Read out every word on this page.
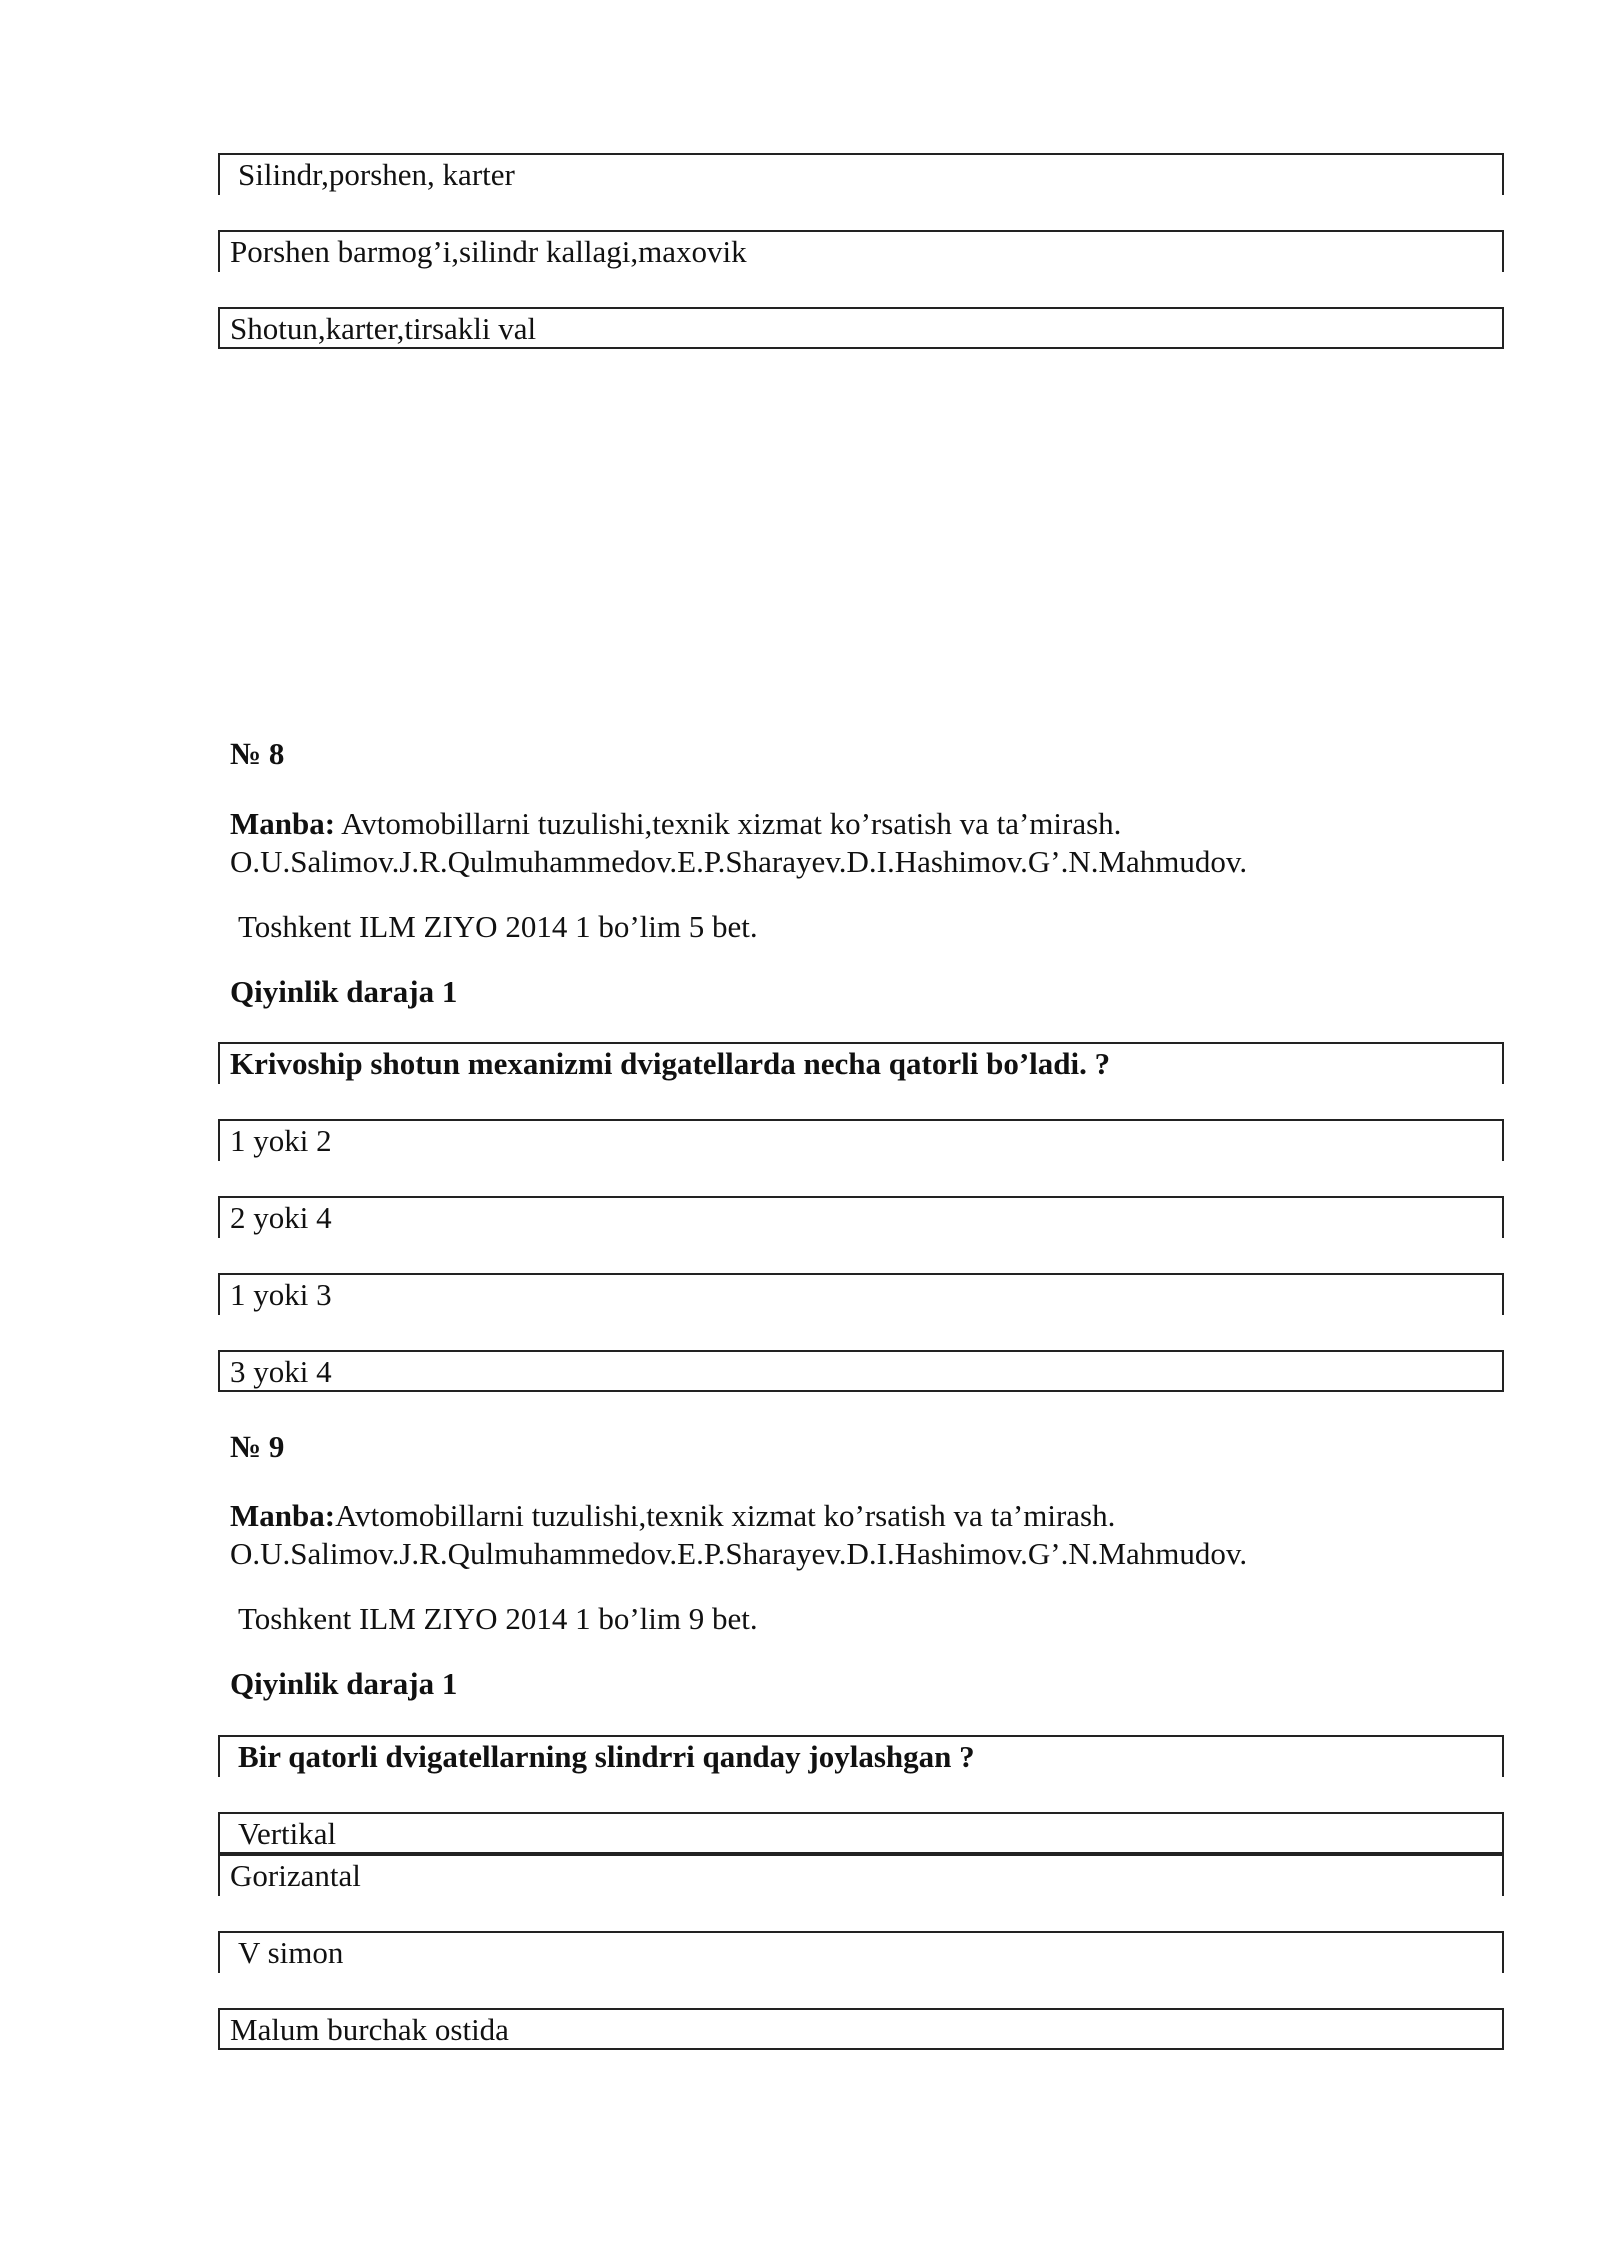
Silindr,porshen, karter
Porshen barmog’i,silindr kallagi,maxovik
Shotun,karter,tirsakli val
№ 8
Manba: Avtomobillarni tuzulishi,texnik xizmat ko’rsatish va ta’mirash.
O.U.Salimov.J.R.Qulmuhammedov.E.P.Sharayev.D.I.Hashimov.G’.N.Mahmudov.
Toshkent ILM ZIYO 2014 1 bo’lim 5 bet.
Qiyinlik daraja 1
Krivoship shotun mexanizmi dvigatellarda necha qatorli bo’ladi. ?
1 yoki 2
2 yoki 4
1 yoki 3
3 yoki 4
№ 9
Manba:Avtomobillarni tuzulishi,texnik xizmat ko’rsatish va ta’mirash.
O.U.Salimov.J.R.Qulmuhammedov.E.P.Sharayev.D.I.Hashimov.G’.N.Mahmudov.
Toshkent ILM ZIYO 2014 1 bo’lim 9 bet.
Qiyinlik daraja 1
Bir qatorli dvigatellarning slindrri qanday joylashgan ?
Vertikal
Gorizantal
V simon
Malum burchak ostida
